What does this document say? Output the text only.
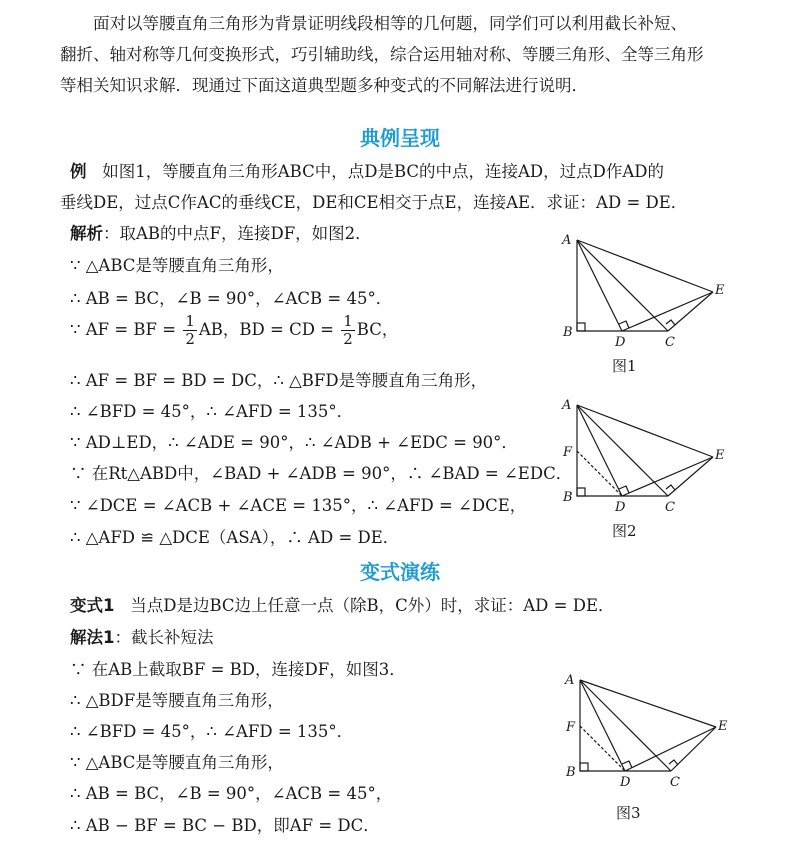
面对以等腰直角三角形为背景证明线段相等的几何题，同学们可以利用截长补短、
翻折、轴对称等几何变换形式，巧引辅助线，综合运用轴对称、等腰三角形、全等三角形
等相关知识求解．现通过下面这道典型题多种变式的不同解法进行说明．
典例呈现
例 如图1，等腰直角三角形ABC中，点D是BC的中点，连接AD，过点D作AD的
垂线DE，过点C作AC的垂线CE，DE和CE相交于点E，连接AE．求证：AD = DE．
解析：取AB的中点F，连接DF，如图2．
∵ △ABC是等腰直角三角形，
∴ AB = BC，∠B = 90°，∠ACB = 45°．
∵ AF = BF = $\frac{1}{2}$ AB，BD = CD = $\frac{1}{2}$ BC，
∴ AF = BF = BD = DC，∴ △BFD是等腰直角三角形，
∴ ∠BFD = 45°，∴ ∠AFD = 135°．
∵ AD⊥ED，∴ ∠ADE = 90°，∴ ∠ADB + ∠EDC = 90°．
∵ 在Rt△ABD中，∠BAD + ∠ADB = 90°，∴ ∠BAD = ∠EDC．
∵ ∠DCE = ∠ACB + ∠ACE = 135°，∴ ∠AFD = ∠DCE，
∴ △AFD ≌ △DCE（ASA），∴ AD = DE．
变式演练
变式1 当点D是边BC边上任意一点（除B，C外）时，求证：AD = DE．
解法1：截长补短法
∵ 在AB上截取BF = BD，连接DF，如图3．
∴ △BDF是等腰直角三角形，
∴ ∠BFD = 45°，∴ ∠AFD = 135°．
∵ △ABC是等腰直角三角形，
∴ AB = BC，∠B = 90°，∠ACB = 45°，
∴ AB − BF = BC − BD，即AF = DC．
A
B
C
D
E
图1
A
F
B
C
D
E
图2
A
F
B
C
D
E
图3
